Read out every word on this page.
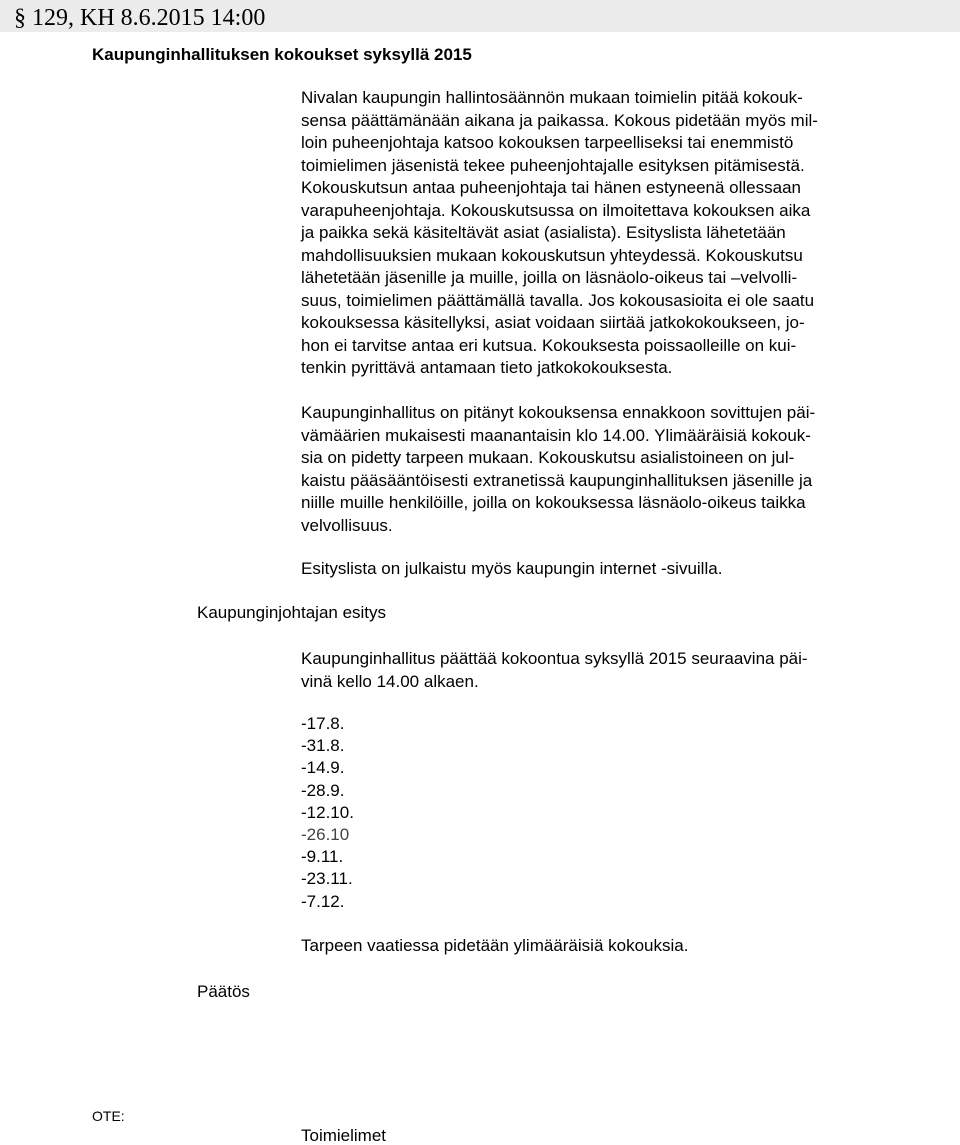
§ 129, KH 8.6.2015 14:00
Kaupunginhallituksen kokoukset syksyllä 2015
Nivalan kaupungin hallintosäännön mukaan toimielin pitää kokouk-
sensa päättämänään aikana ja paikassa. Kokous pidetään myös mil-
loin puheenjohtaja katsoo kokouksen tarpeelliseksi tai enemmistö
toimielimen jäsenistä tekee puheenjohtajalle esityksen pitämisestä.
Kokouskutsun antaa puheenjohtaja tai hänen estyneenä ollessaan
varapuheenjohtaja. Kokouskutsussa on ilmoitettava kokouksen aika
ja paikka sekä käsiteltävät asiat (asialista). Esityslista lähetetään
mahdollisuuksien mukaan kokouskutsun yhteydessä. Kokouskutsu
lähetetään jäsenille ja muille, joilla on läsnäolo-oikeus tai –velvolli-
suus, toimielimen päättämällä tavalla. Jos kokousasioita ei ole saatu
kokouksessa käsitellyksi, asiat voidaan siirtää jatkokokoukseen, jo-
hon ei tarvitse antaa eri kutsua. Kokouksesta poissaolleille on kui-
tenkin pyrittävä antamaan tieto jatkokokouksesta.
Kaupunginhallitus on pitänyt kokouksensa ennakkoon sovittujen päi-
vämäärien mukaisesti maanantaisin klo 14.00. Ylimääräisiä kokouk-
sia on pidetty tarpeen mukaan. Kokouskutsu asialistoineen on jul-
kaistu pääsääntöisesti extranetissä kaupunginhallituksen jäsenille ja
niille muille henkilöille, joilla on kokouksessa läsnäolo-oikeus taikka
velvollisuus.
Esityslista on julkaistu myös kaupungin internet -sivuilla.
Kaupunginjohtajan esitys
Kaupunginhallitus päättää kokoontua syksyllä 2015 seuraavina päi-
vinä kello 14.00 alkaen.
-17.8.
-31.8.
-14.9.
-28.9.
-12.10.
-26.10
-9.11.
-23.11.
-7.12.
Tarpeen vaatiessa pidetään ylimääräisiä kokouksia.
Päätös
OTE:
Toimielimet
